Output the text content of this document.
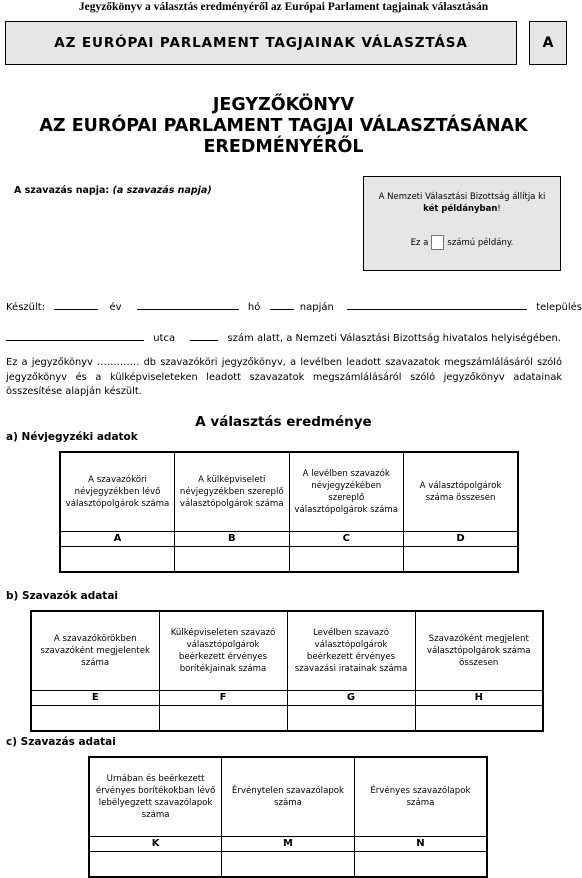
Jegyzőkönyv a választás eredményéről az Európai Parlament tagjainak választásán
AZ EURÓPAI PARLAMENT TAGJAINAK VÁLASZTÁSA	A
JEGYZŐKÖNYV
AZ EURÓPAI PARLAMENT TAGJAI VÁLASZTÁSÁNAK
EREDMÉNYÉRŐL
A szavazás napja: (a szavazás napja)
A Nemzeti Választási Bizottság állítja ki
két példányban!
Ez a számú példány.
Készült:	év	hó	napján	település
utca	szám alatt, a Nemzeti Választási Bizottság hivatalos helyiségében.
Ez a jegyzőkönyv …………. db szavazóköri jegyzőkönyv, a levélben leadott szavazatok megszámlálásáról szóló jegyzőkönyv és a külképviseleteken leadott szavazatok megszámlálásáról szóló jegyzőkönyv adatainak összesítése alapján készült.
A választás eredménye
a) Névjegyzéki adatok
A szavazóköri névjegyzékben lévő választópolgárok száma	A külképviseleti névjegyzékben szereplő választópolgárok száma	A levélben szavazók névjegyzékében szereplő választópolgárok száma	A választópolgárok száma összesen
A	B	C	D

b) Szavazók adatai
A szavazókörökben szavazóként megjelentek száma	Külképviseleten szavazó választópolgárok beérkezett érvényes borítékjainak száma	Levélben szavazó választópolgárok beérkezett érvényes szavazási iratainak száma	Szavazóként megjelent választópolgárok száma összesen
E	F	G	H

c) Szavazás adatai
Urnában és beérkezett érvényes borítékokban lévő lebélyegzett szavazólapok száma	Érvénytelen szavazólapok száma	Érvényes szavazólapok száma
K	M	N
